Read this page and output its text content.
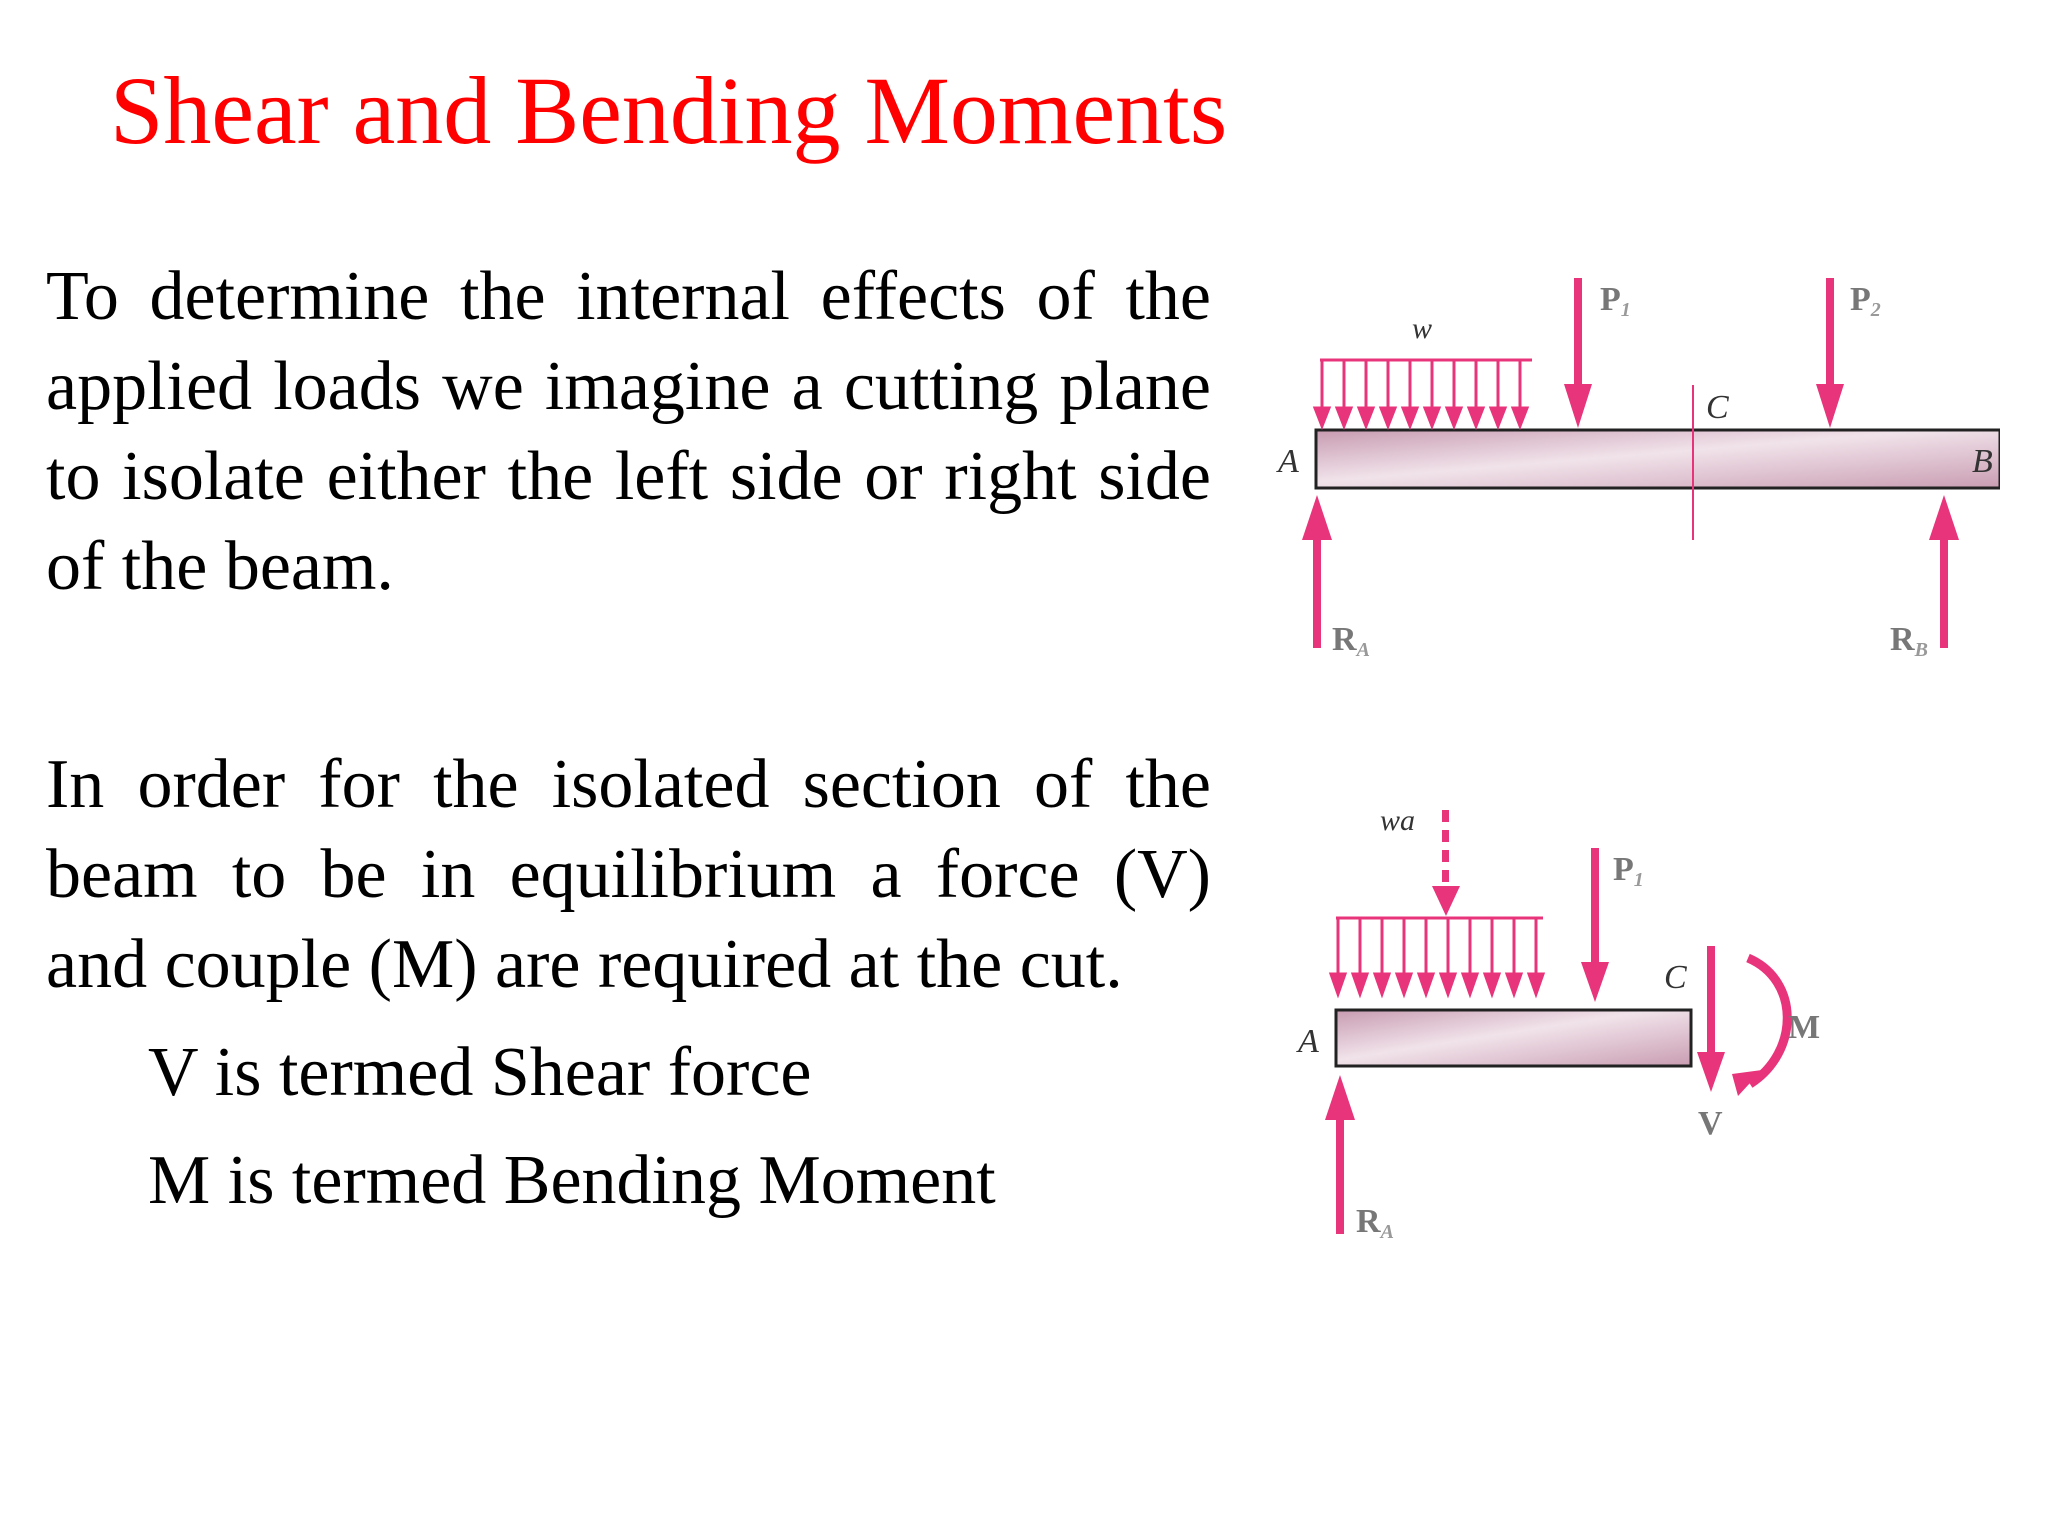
Shear and Bending Moments
To determine the internal effects of the applied loads we imagine a cutting plane to isolate either the left side or right side of the beam.
In order for the isolated section of the beam to be in equilibrium a force (V) and couple (M) are required at the cut.
V is termed Shear force
M is termed Bending Moment
w
P1	P2
C
A	B
RA	RB
wa
P1
C
V
M
A
RA
